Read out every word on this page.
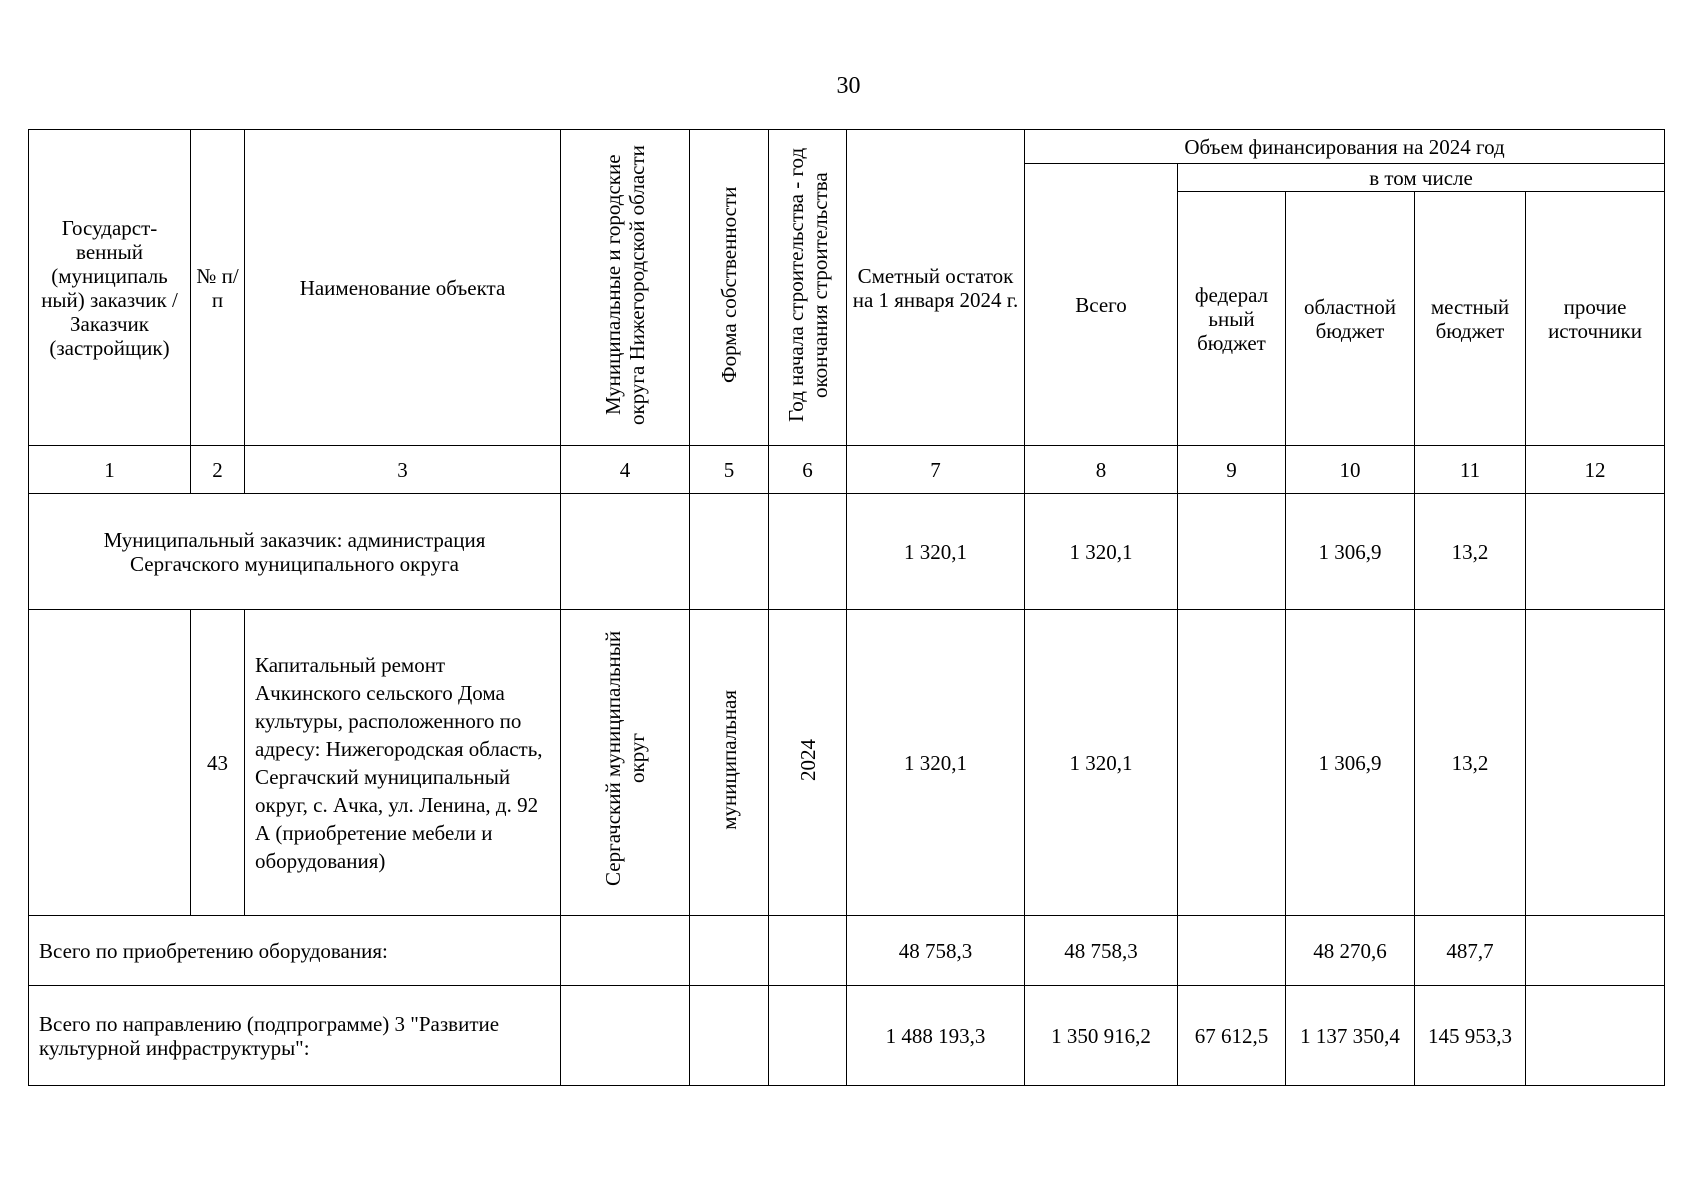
30
Государст-венный (муниципаль ный) заказчик / Заказчик (застройщик)	№ п/п	Наименование объекта	Муниципальные и городские округа Нижегородской области	Форма собственности	Год начала строительства - год окончания строительства	Сметный остаток на 1 января 2024 г.	Объем финансирования на 2024 год				
							Всего	в том числе			
								федерал ьный бюджет	областной бюджет	местный бюджет	прочие источники
1	2	3	4	5	6	7	8	9	10	11	12
Муниципальный заказчик: администрация Сергачского муниципального округа						1 320,1	1 320,1		1 306,9	13,2	
	43	Капитальный ремонт Ачкинского сельского Дома культуры, расположенного по адресу: Нижегородская область, Сергачский муниципальный округ, с. Ачка, ул. Ленина, д. 92 А (приобретение мебели и оборудования)	Сергачский муниципальный округ	муниципальная	2024	1 320,1	1 320,1		1 306,9	13,2	
Всего по приобретению оборудования:						48 758,3	48 758,3		48 270,6	487,7	
Всего по направлению (подпрограмме) 3 "Развитие культурной инфраструктуры":						1 488 193,3	1 350 916,2	67 612,5	1 137 350,4	145 953,3	
